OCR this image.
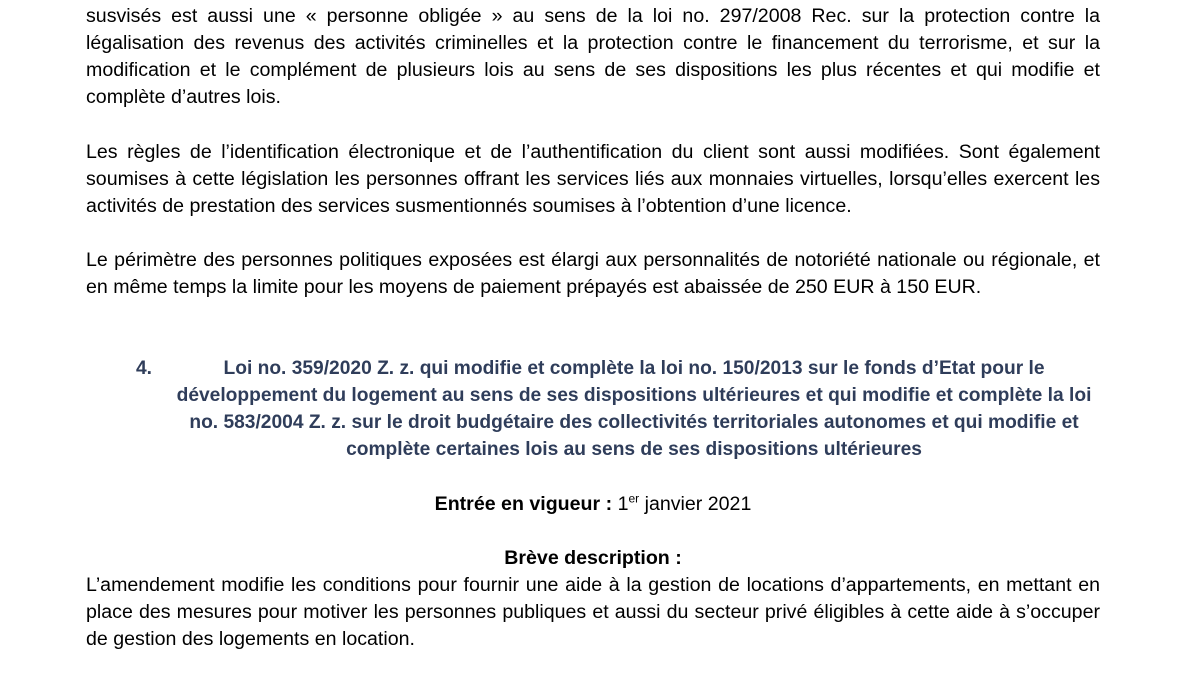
susvisés est aussi une « personne obligée » au sens de la loi no. 297/2008 Rec. sur la protection contre la légalisation des revenus des activités criminelles et la protection contre le financement du terrorisme, et sur la modification et le complément de plusieurs lois au sens de ses dispositions les plus récentes et qui modifie et complète d’autres lois.

Les règles de l’identification électronique et de l’authentification du client sont aussi modifiées. Sont également soumises à cette législation les personnes offrant les services liés aux monnaies virtuelles, lorsqu’elles exercent les activités de prestation des services susmentionnés soumises à l’obtention d’une licence.

Le périmètre des personnes politiques exposées est élargi aux personnalités de notoriété nationale ou régionale, et en même temps la limite pour les moyens de paiement prépayés est abaissée de 250 EUR à 150 EUR.

4.	Loi no. 359/2020 Z. z. qui modifie et complète la loi no. 150/2013 sur le fonds d’Etat pour le développement du logement au sens de ses dispositions ultérieures et qui modifie et complète la loi no. 583/2004 Z. z. sur le droit budgétaire des collectivités territoriales autonomes et qui modifie et complète certaines lois au sens de ses dispositions ultérieures
Entrée en vigueur : 1er janvier 2021
Brève description :

L’amendement modifie les conditions pour fournir une aide à la gestion de locations d’appartements, en mettant en place des mesures pour motiver les personnes publiques et aussi du secteur privé éligibles à cette aide à s’occuper de gestion des logements en location.
